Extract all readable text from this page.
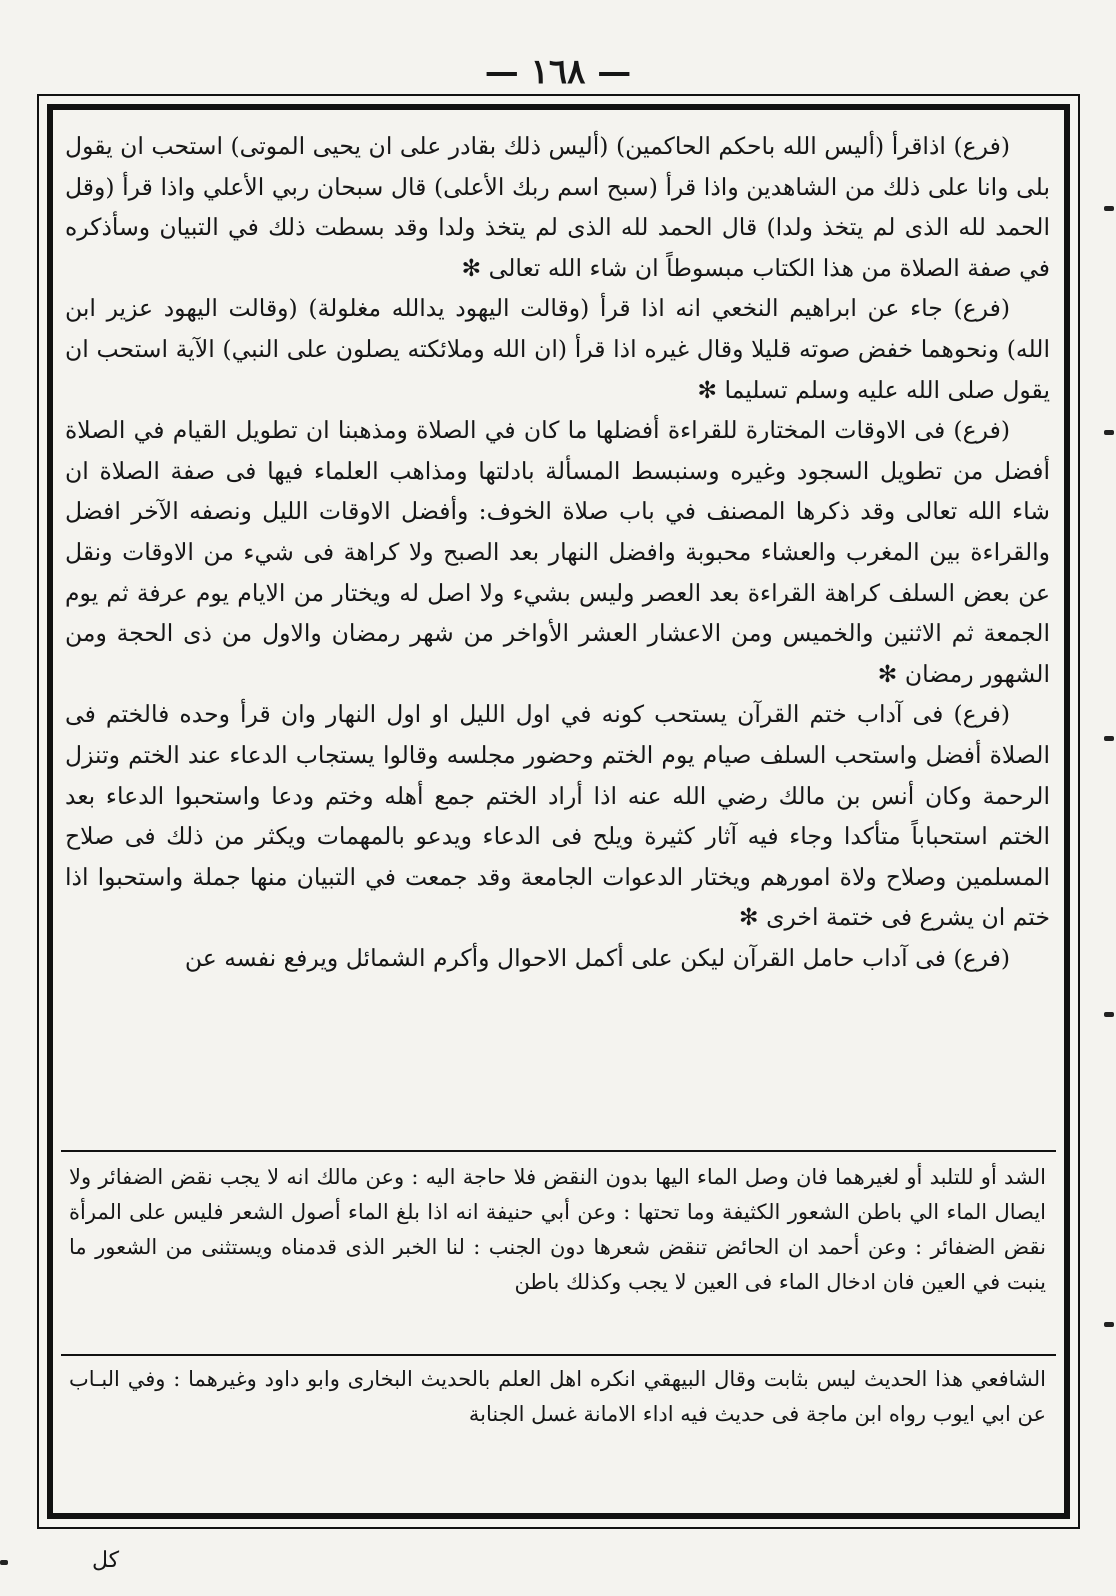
— ١٦٨ —

(فرع) اذاقرأ (أليس الله باحكم الحاكمين) (أليس ذلك بقادر على ان يحيى الموتى) استحب ان يقول بلى وانا على ذلك من الشاهدين واذا قرأ (سبح اسم ربك الأعلى) قال سبحان ربي الأعلي واذا قرأ (وقل الحمد لله الذى لم يتخذ ولدا) قال الحمد لله الذى لم يتخذ ولدا وقد بسطت ذلك في التبيان وسأذكره في صفة الصلاة من هذا الكتاب مبسوطاً ان شاء الله تعالى ✻

(فرع) جاء عن ابراهيم النخعي انه اذا قرأ (وقالت اليهود يدالله مغلولة) (وقالت اليهود عزير ابن الله) ونحوهما خفض صوته قليلا وقال غيره اذا قرأ (ان الله وملائكته يصلون على النبي) الآية استحب ان يقول صلى الله عليه وسلم تسليما ✻

(فرع) فى الاوقات المختارة للقراءة أفضلها ما كان في الصلاة ومذهبنا ان تطويل القيام في الصلاة أفضل من تطويل السجود وغيره وسنبسط المسألة بادلتها ومذاهب العلماء فيها فى صفة الصلاة ان شاء الله تعالى وقد ذكرها المصنف في باب صلاة الخوف: وأفضل الاوقات الليل ونصفه الآخر افضل والقراءة بين المغرب والعشاء محبوبة وافضل النهار بعد الصبح ولا كراهة فى شيء من الاوقات ونقل عن بعض السلف كراهة القراءة بعد العصر وليس بشيء ولا اصل له ويختار من الايام يوم عرفة ثم يوم الجمعة ثم الاثنين والخميس ومن الاعشار العشر الأواخر من شهر رمضان والاول من ذى الحجة ومن الشهور رمضان ✻

(فرع) فى آداب ختم القرآن يستحب كونه في اول الليل او اول النهار وان قرأ وحده فالختم فى الصلاة أفضل واستحب السلف صيام يوم الختم وحضور مجلسه وقالوا يستجاب الدعاء عند الختم وتنزل الرحمة وكان أنس بن مالك رضي الله عنه اذا أراد الختم جمع أهله وختم ودعا واستحبوا الدعاء بعد الختم استحباباً متأكدا وجاء فيه آثار كثيرة ويلح فى الدعاء ويدعو بالمهمات ويكثر من ذلك فى صلاح المسلمين وصلاح ولاة امورهم ويختار الدعوات الجامعة وقد جمعت في التبيان منها جملة واستحبوا اذا ختم ان يشرع فى ختمة اخرى ✻

(فرع) فى آداب حامل القرآن ليكن على أكمل الاحوال وأكرم الشمائل ويرفع نفسه عن

الشد أو للتلبد أو لغيرهما فان وصل الماء اليها بدون النقض فلا حاجة اليه : وعن مالك انه لا يجب نقض الضفائر ولا ايصال الماء الي باطن الشعور الكثيفة وما تحتها : وعن أبي حنيفة انه اذا بلغ الماء أصول الشعر فليس على المرأة نقض الضفائر : وعن أحمد ان الحائض تنقض شعرها دون الجنب : لنا الخبر الذى قدمناه ويستثنى من الشعور ما ينبت في العين فان ادخال الماء فى العين لا يجب وكذلك باطن

الشافعي هذا الحديث ليس بثابت وقال البيهقي انكره اهل العلم بالحديث البخارى وابو داود وغيرهما : وفي البـاب عن ابي ايوب رواه ابن ماجة فى حديث فيه اداء الامانة غسل الجنابة

كل
